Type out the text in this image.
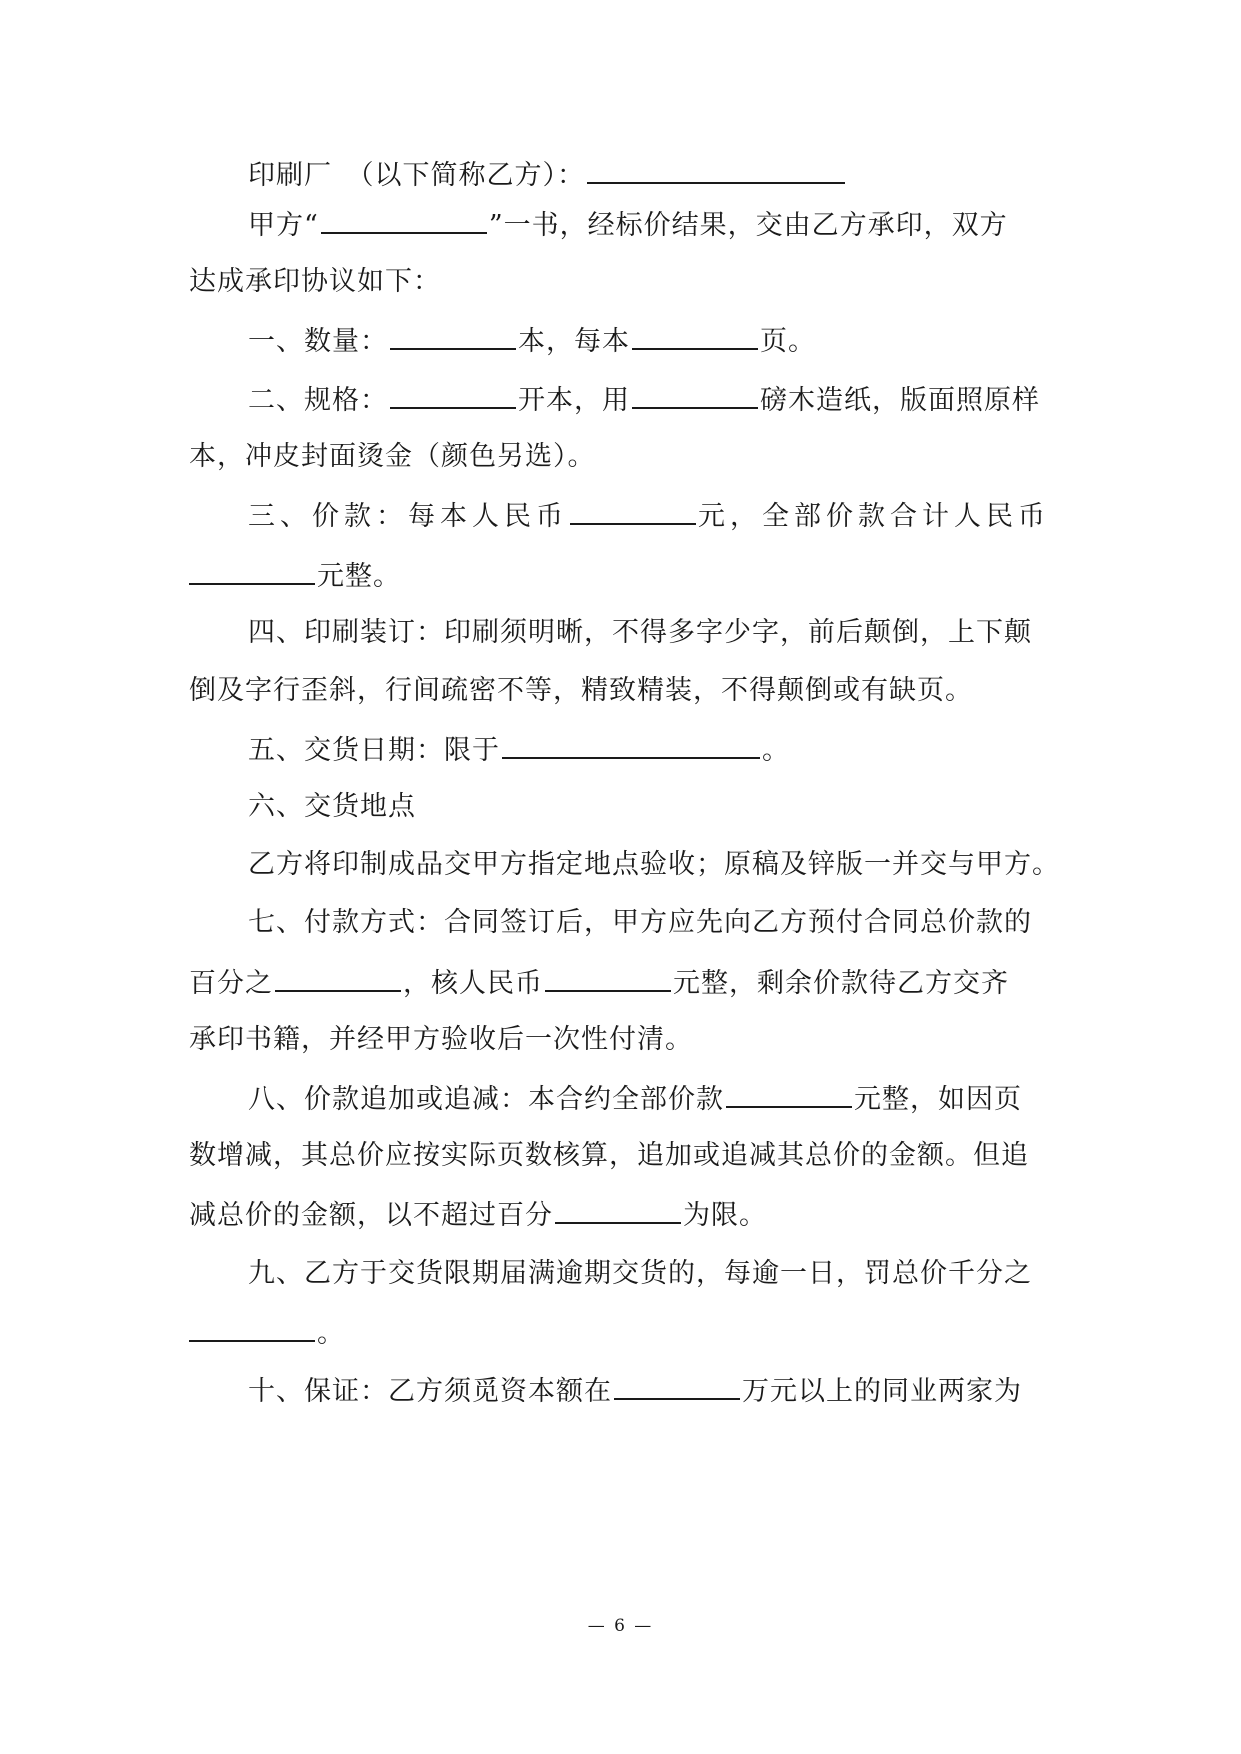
印刷厂　（以下简称乙方）：
甲方“	”一书，经标价结果，交由乙方承印，双方
达成承印协议如下：
一、数量：	本，每本	页。
二、规格：	开本，用	磅木造纸，版面照原样
本，冲皮封面烫金（颜色另选）。
三、价款：每本人民币	元，全部价款合计人民币
元整。
四、印刷装订：印刷须明晰，不得多字少字，前后颠倒，上下颠
倒及字行歪斜，行间疏密不等，精致精装，不得颠倒或有缺页。
五、交货日期：限于	。
六、交货地点
乙方将印制成品交甲方指定地点验收；原稿及锌版一并交与甲方。
七、付款方式：合同签订后，甲方应先向乙方预付合同总价款的
百分之	，核人民币	元整，剩余价款待乙方交齐
承印书籍，并经甲方验收后一次性付清。
八、价款追加或追减：本合约全部价款	元整，如因页
数增减，其总价应按实际页数核算，追加或追减其总价的金额。但追
减总价的金额，以不超过百分	为限。
九、乙方于交货限期届满逾期交货的，每逾一日，罚总价千分之
。
十、保证：乙方须觅资本额在	万元以上的同业两家为
— 6 —
